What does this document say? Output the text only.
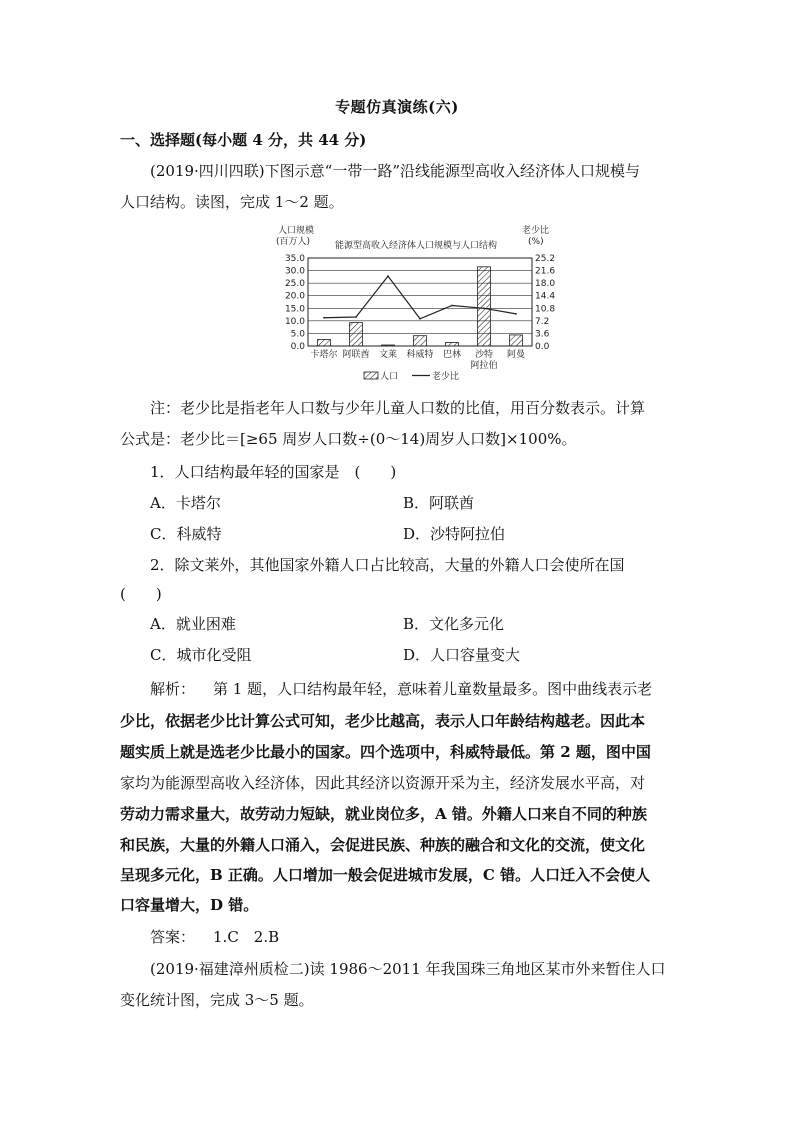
专题仿真演练(六)
一、选择题(每小题 4 分，共 44 分)
(2019·四川四联)下图示意“一带一路”沿线能源型高收入经济体人口规模与
人口结构。读图，完成 1～2 题。
人口规模
(百万人)
老少比
(%)
能源型高收入经济体人口规模与人口结构
35.0
30.0
25.0
20.0
15.0
10.0
5.0
0.0
25.2
21.6
18.0
14.4
10.8
7.2
3.6
0.0
卡塔尔 阿联酋 文莱 科威特 巴林 沙特
阿拉伯
阿曼
人口	老少比
注：老少比是指老年人口数与少年儿童人口数的比值，用百分数表示。计算
公式是：老少比＝[≥65 周岁人口数÷(0～14)周岁人口数]×100%。
1．人口结构最年轻的国家是　(　　)
A．卡塔尔	B．阿联酋
C．科威特	D．沙特阿拉伯
2．除文莱外，其他国家外籍人口占比较高，大量的外籍人口会使所在国
(　　)
A．就业困难	B．文化多元化
C．城市化受阻	D．人口容量变大
解析： 第 1 题，人口结构最年轻，意味着儿童数量最多。图中曲线表示老
少比，依据老少比计算公式可知，老少比越高，表示人口年龄结构越老。因此本
题实质上就是选老少比最小的国家。四个选项中，科威特最低。第 2 题，图中国
家均为能源型高收入经济体，因此其经济以资源开采为主，经济发展水平高，对
劳动力需求量大，故劳动力短缺，就业岗位多，A 错。外籍人口来自不同的种族
和民族，大量的外籍人口涌入，会促进民族、种族的融合和文化的交流，使文化
呈现多元化，B 正确。人口增加一般会促进城市发展，C 错。人口迁入不会使人
口容量增大，D 错。
答案： 1.C　2.B
(2019·福建漳州质检二)读 1986～2011 年我国珠三角地区某市外来暂住人口
变化统计图，完成 3～5 题。
